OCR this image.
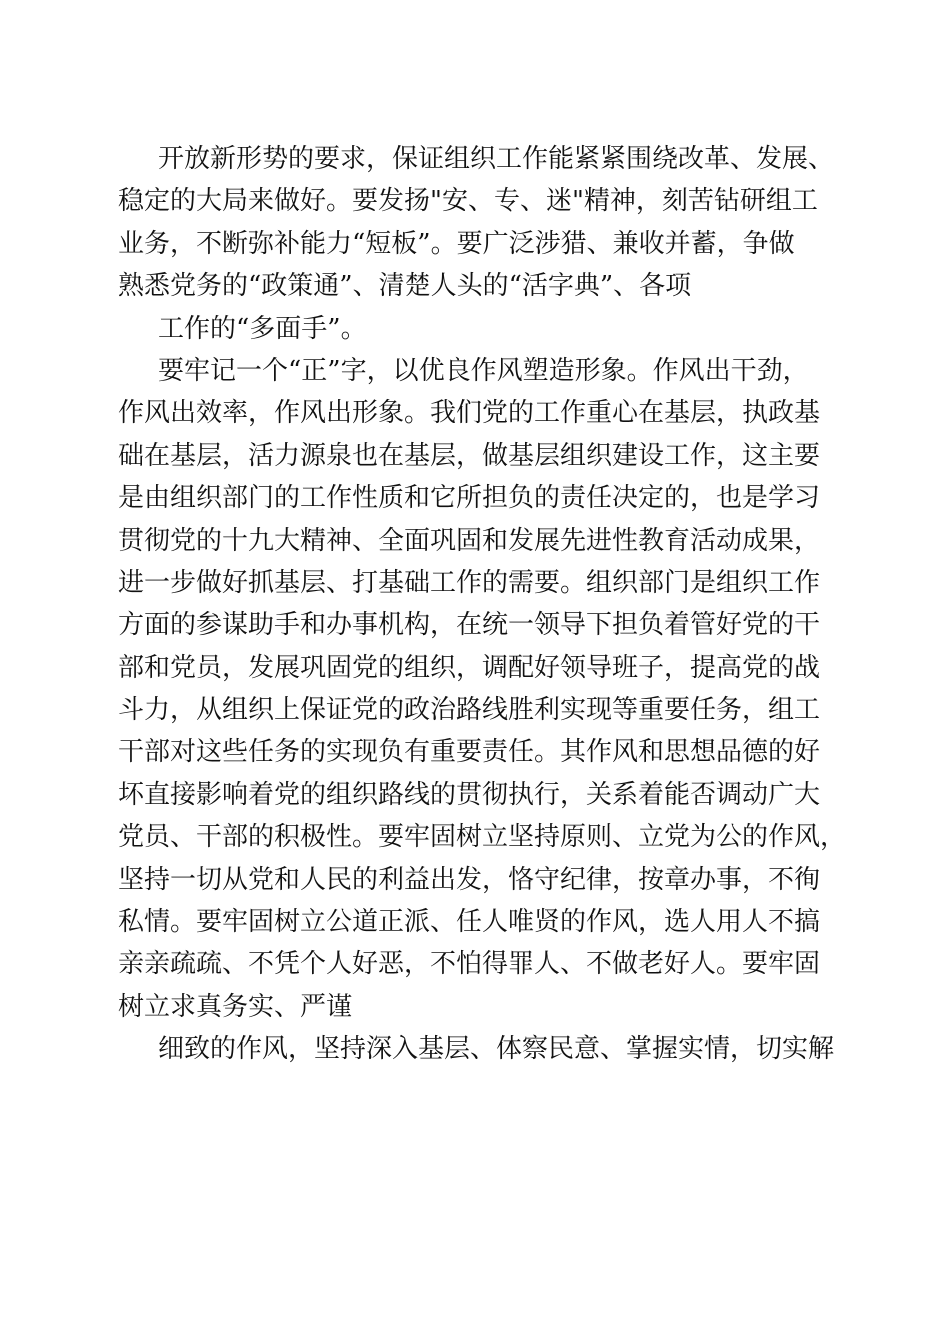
开放新形势的要求，保证组织工作能紧紧围绕改革、发展、
稳定的大局来做好。要发扬"安、专、迷"精神，刻苦钻研组工
业务，不断弥补能力“短板”。要广泛涉猎、兼收并蓄，争做
熟悉党务的“政策通”、清楚人头的“活字典”、各项
工作的“多面手”。
要牢记一个“正”字，以优良作风塑造形象。作风出干劲，
作风出效率，作风出形象。我们党的工作重心在基层，执政基
础在基层，活力源泉也在基层，做基层组织建设工作，这主要
是由组织部门的工作性质和它所担负的责任决定的，也是学习
贯彻党的十九大精神、全面巩固和发展先进性教育活动成果，
进一步做好抓基层、打基础工作的需要。组织部门是组织工作
方面的参谋助手和办事机构，在统一领导下担负着管好党的干
部和党员，发展巩固党的组织，调配好领导班子，提高党的战
斗力，从组织上保证党的政治路线胜利实现等重要任务，组工
干部对这些任务的实现负有重要责任。其作风和思想品德的好
坏直接影响着党的组织路线的贯彻执行，关系着能否调动广大
党员、干部的积极性。要牢固树立坚持原则、立党为公的作风，
坚持一切从党和人民的利益出发，恪守纪律，按章办事，不徇
私情。要牢固树立公道正派、任人唯贤的作风，选人用人不搞
亲亲疏疏、不凭个人好恶，不怕得罪人、不做老好人。要牢固
树立求真务实、严谨
细致的作风，坚持深入基层、体察民意、掌握实情，切实解
